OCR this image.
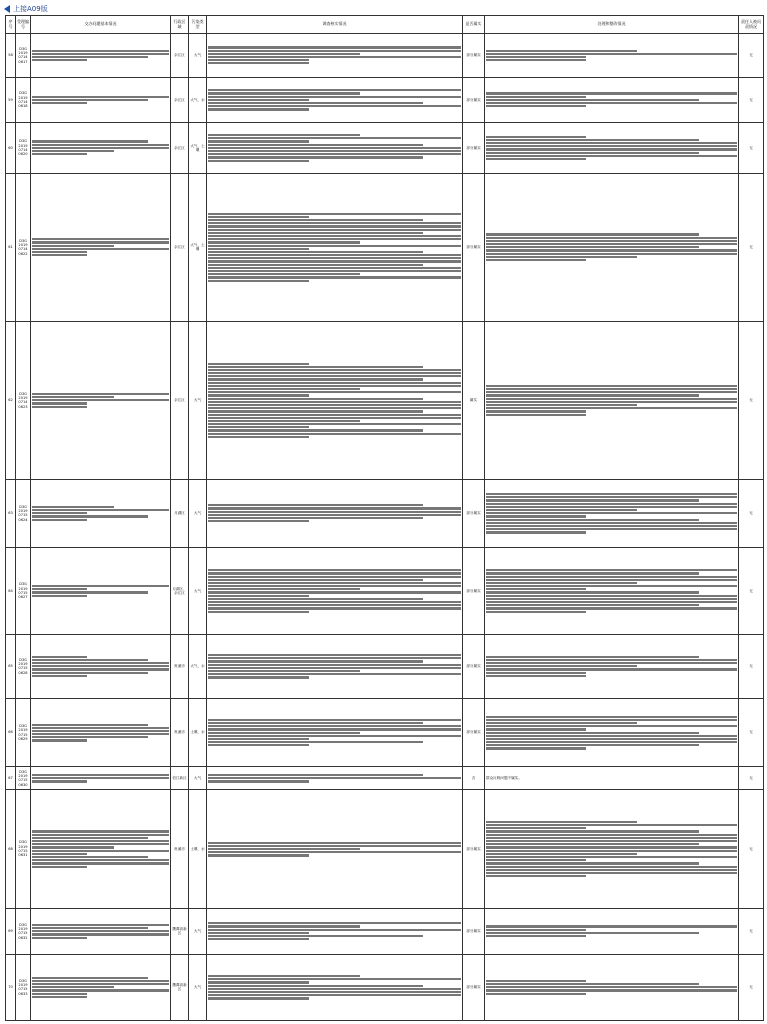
上接A09版
序号	受理编号	交办问题基本情况	行政区域	污染类型	调查核实情况	是否属实	处理和整改情况	责任人被问责情况
58	D3G 2019 0714 0617		余江区	大气		部分属实		无
59	D3G 2019 0714 0618		余江区	大气、水		部分属实		无
60	D3G 2019 0714 0620		余江区	大气、土壤		部分属实		无
61	D3G 2019 0714 0622		余江区	大气、土壤		部分属实		无
62	D3G 2019 0714 0623		余江区	大气		属实		无
63	D3G 2019 0715 0624		月湖区	大气		部分属实		无
64	D3G 2019 0715 0627		月湖区、余江区	大气		部分属实		无
65	D3G 2019 0715 0628		贵溪市	大气、水		部分属实		无
66	D3G 2019 0715 0629		贵溪市	土壤、水		部分属实		无
67	D3G 2019 0715 0630		信江新区	大气		否	群众反映问题不属实。	无
68	D3G 2019 0715 0631		贵溪市	土壤、水		部分属实		无
69	D3G 2019 0715 0632		鹰潭高新区	大气		部分属实		无
70	D3G 2019 0715 0633		鹰潭高新区	大气		部分属实		无
